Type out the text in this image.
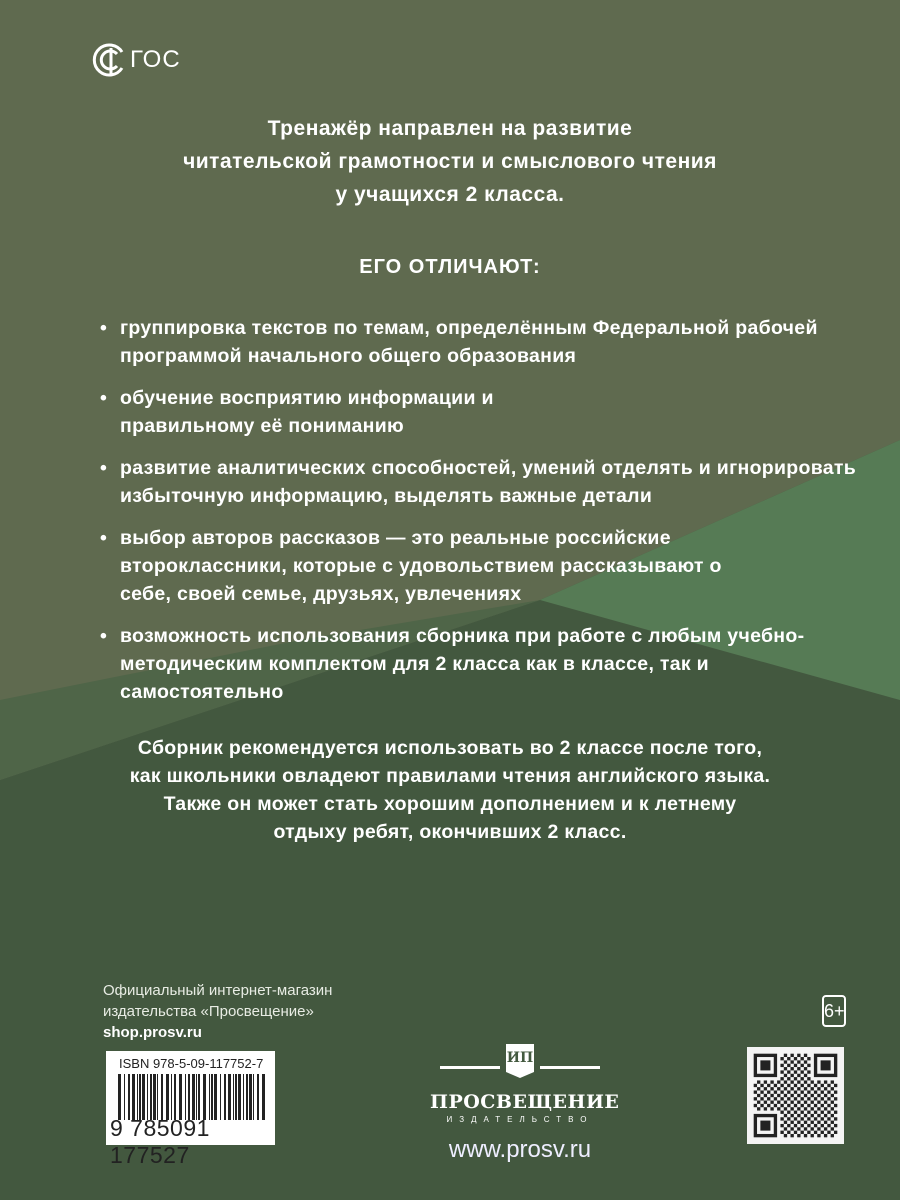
ГОС
Тренажёр направлен на развитие
читательской грамотности и смыслового чтения
у учащихся 2 класса.
ЕГО ОТЛИЧАЮТ:
• группировка текстов по темам, определённым Федеральной рабочей программой начального общего образования
• обучение восприятию информации и правильному её пониманию
• развитие аналитических способностей, умений отделять и игнорировать избыточную информацию, выделять важные детали
• выбор авторов рассказов — это реальные российские второклассники, которые с удовольствием рассказывают о себе, своей семье, друзьях, увлечениях
• возможность использования сборника при работе с любым учебно-методическим комплектом для 2 класса как в классе, так и самостоятельно
Сборник рекомендуется использовать во 2 классе после того,
как школьники овладеют правилами чтения английского языка.
Также он может стать хорошим дополнением и к летнему
отдыху ребят, окончивших 2 класс.
Официальный интернет-магазин
издательства «Просвещение»
shop.prosv.ru
ISBN 978-5-09-117752-7
9 785091 177527
ИП
ПРОСВЕЩЕНИЕ
ИЗДАТЕЛЬСТВО
www.prosv.ru
6+
